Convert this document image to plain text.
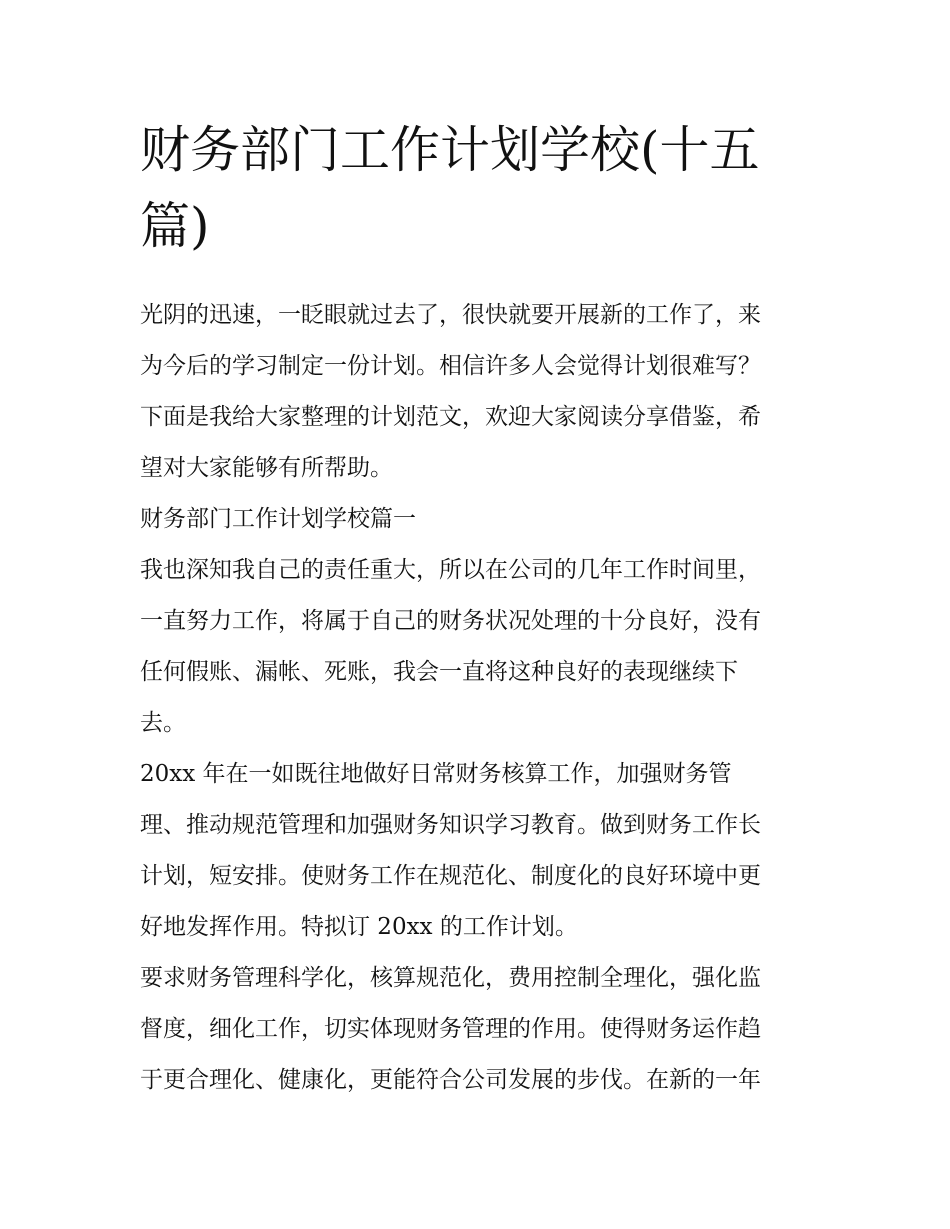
财务部门工作计划学校(十五
篇)

光阴的迅速，一眨眼就过去了，很快就要开展新的工作了，来
为今后的学习制定一份计划。相信许多人会觉得计划很难写？
下面是我给大家整理的计划范文，欢迎大家阅读分享借鉴，希
望对大家能够有所帮助。

财务部门工作计划学校篇一

我也深知我自己的责任重大，所以在公司的几年工作时间里，
一直努力工作，将属于自己的财务状况处理的十分良好，没有
任何假账、漏帐、死账，我会一直将这种良好的表现继续下
去。

20xx 年在一如既往地做好日常财务核算工作，加强财务管
理、推动规范管理和加强财务知识学习教育。做到财务工作长
计划，短安排。使财务工作在规范化、制度化的良好环境中更
好地发挥作用。特拟订 20xx 的工作计划。

要求财务管理科学化，核算规范化，费用控制全理化，强化监
督度，细化工作，切实体现财务管理的作用。使得财务运作趋
于更合理化、健康化，更能符合公司发展的步伐。在新的一年
